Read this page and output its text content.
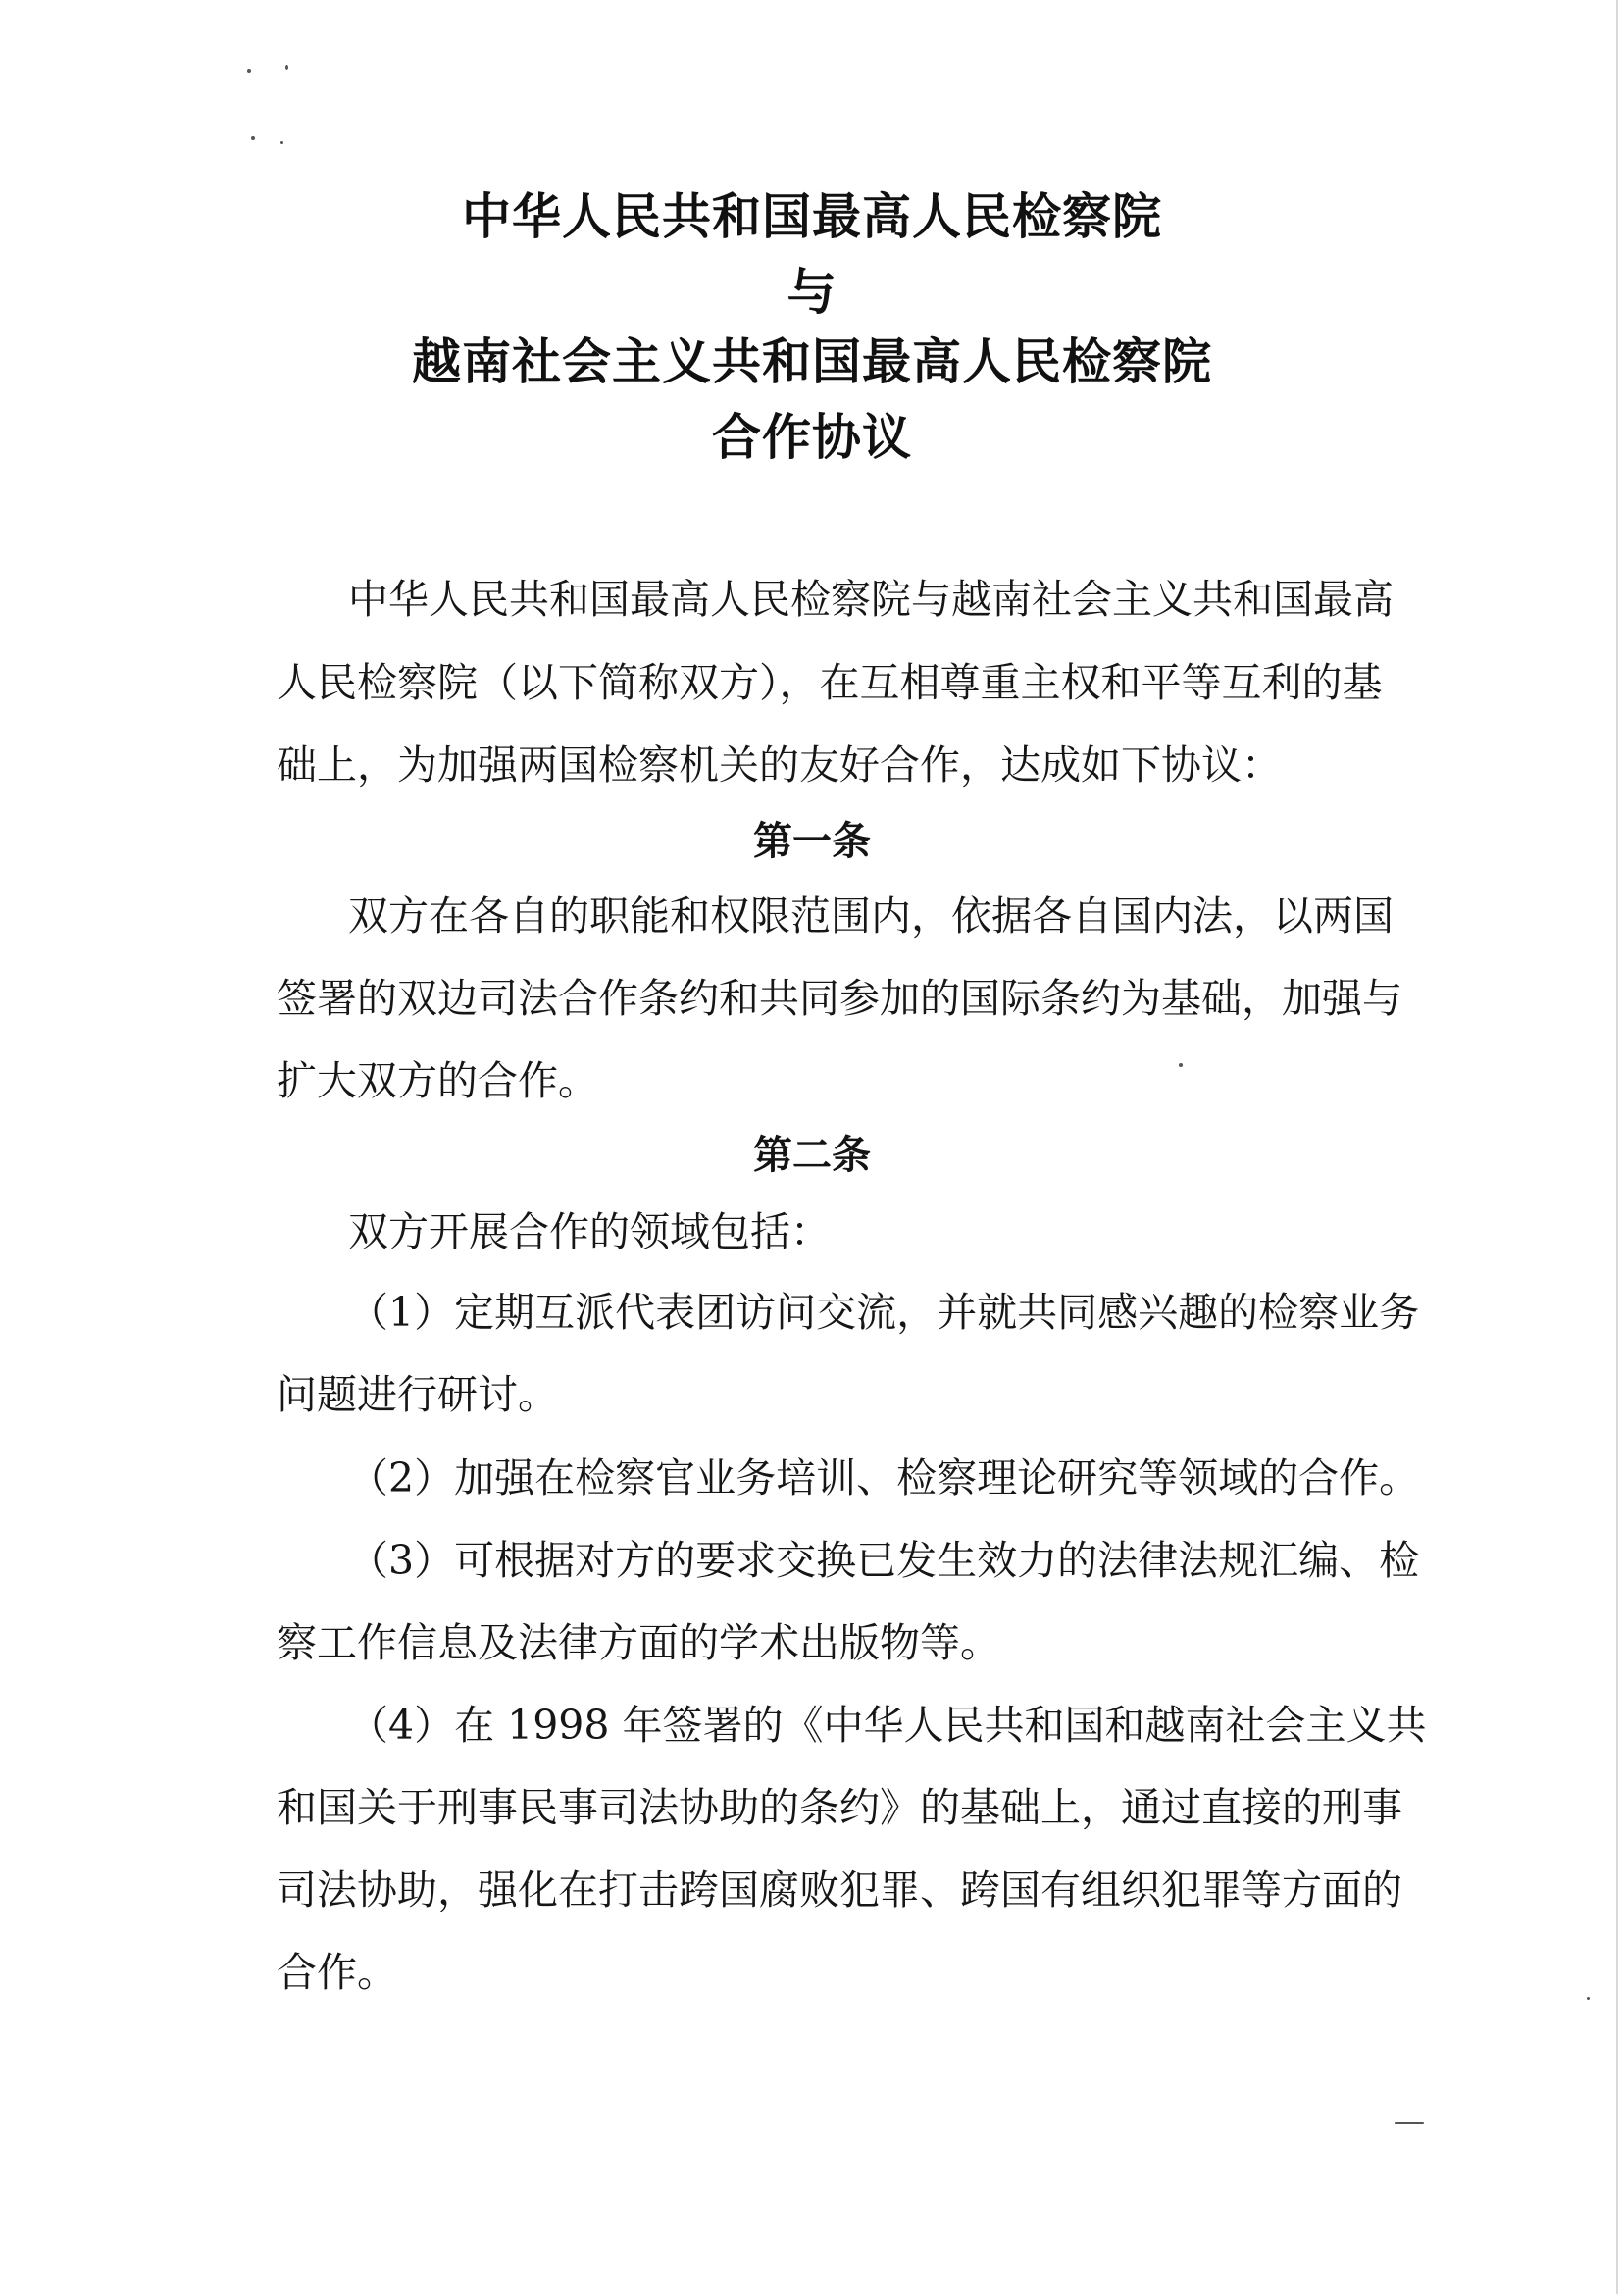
中华人民共和国最高人民检察院
与
越南社会主义共和国最高人民检察院
合作协议
中华人民共和国最高人民检察院与越南社会主义共和国最高
人民检察院（以下简称双方），在互相尊重主权和平等互利的基
础上，为加强两国检察机关的友好合作，达成如下协议：
第一条
双方在各自的职能和权限范围内，依据各自国内法，以两国
签署的双边司法合作条约和共同参加的国际条约为基础，加强与
扩大双方的合作。
第二条
双方开展合作的领域包括：
（1）定期互派代表团访问交流，并就共同感兴趣的检察业务
问题进行研讨。
（2）加强在检察官业务培训、检察理论研究等领域的合作。
（3）可根据对方的要求交换已发生效力的法律法规汇编、检
察工作信息及法律方面的学术出版物等。
（4）在 1998 年签署的《中华人民共和国和越南社会主义共
和国关于刑事民事司法协助的条约》的基础上，通过直接的刑事
司法协助，强化在打击跨国腐败犯罪、跨国有组织犯罪等方面的
合作。
